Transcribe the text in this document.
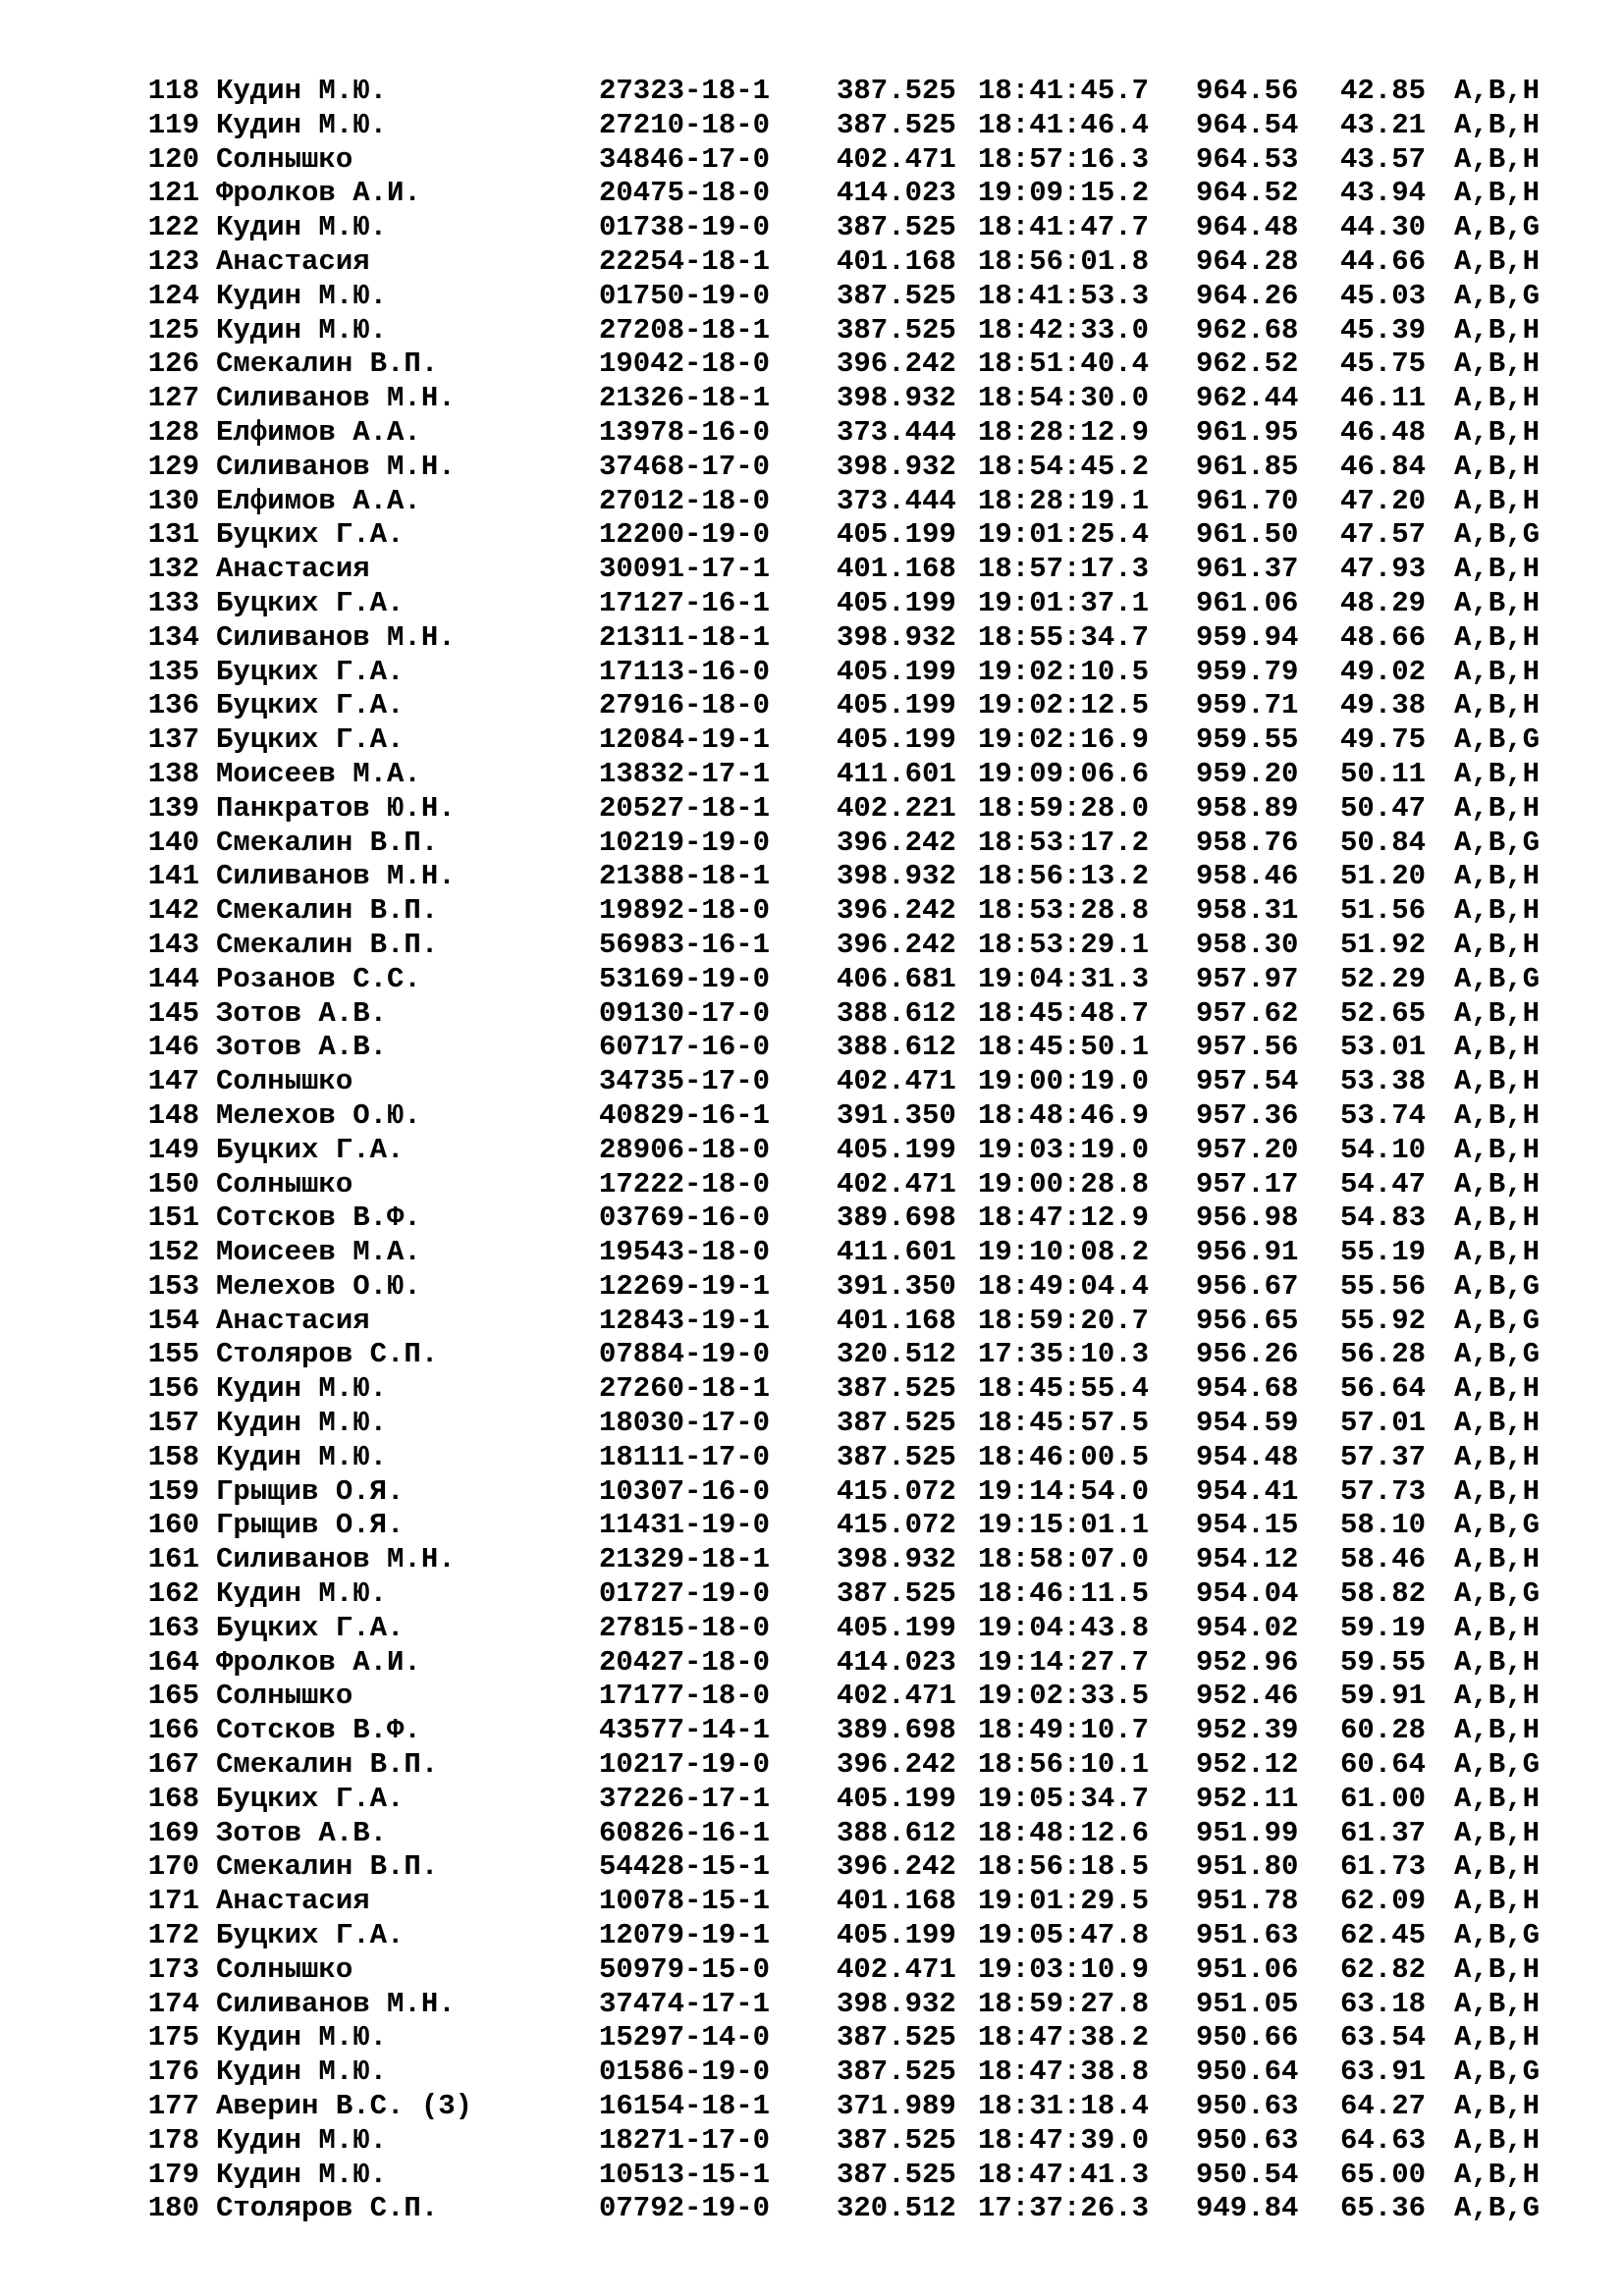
118 Кудин М.Ю.	27323-18-1 387.525 18:41:45.7 964.56 42.85 A,B,H
119 Кудин М.Ю.	27210-18-0 387.525 18:41:46.4 964.54 43.21 A,B,H
120 Солнышко	34846-17-0 402.471 18:57:16.3 964.53 43.57 A,B,H
121 Фролков А.И.	20475-18-0 414.023 19:09:15.2 964.52 43.94 A,B,H
122 Кудин М.Ю.	01738-19-0 387.525 18:41:47.7 964.48 44.30 A,B,G
123 Анастасия	22254-18-1 401.168 18:56:01.8 964.28 44.66 A,B,H
124 Кудин М.Ю.	01750-19-0 387.525 18:41:53.3 964.26 45.03 A,B,G
125 Кудин М.Ю.	27208-18-1 387.525 18:42:33.0 962.68 45.39 A,B,H
126 Смекалин В.П.	19042-18-0 396.242 18:51:40.4 962.52 45.75 A,B,H
127 Силиванов М.Н.	21326-18-1 398.932 18:54:30.0 962.44 46.11 A,B,H
128 Елфимов А.А.	13978-16-0 373.444 18:28:12.9 961.95 46.48 A,B,H
129 Силиванов М.Н.	37468-17-0 398.932 18:54:45.2 961.85 46.84 A,B,H
130 Елфимов А.А.	27012-18-0 373.444 18:28:19.1 961.70 47.20 A,B,H
131 Буцких Г.А.	12200-19-0 405.199 19:01:25.4 961.50 47.57 A,B,G
132 Анастасия	30091-17-1 401.168 18:57:17.3 961.37 47.93 A,B,H
133 Буцких Г.А.	17127-16-1 405.199 19:01:37.1 961.06 48.29 A,B,H
134 Силиванов М.Н.	21311-18-1 398.932 18:55:34.7 959.94 48.66 A,B,H
135 Буцких Г.А.	17113-16-0 405.199 19:02:10.5 959.79 49.02 A,B,H
136 Буцких Г.А.	27916-18-0 405.199 19:02:12.5 959.71 49.38 A,B,H
137 Буцких Г.А.	12084-19-1 405.199 19:02:16.9 959.55 49.75 A,B,G
138 Моисеев М.А.	13832-17-1 411.601 19:09:06.6 959.20 50.11 A,B,H
139 Панкратов Ю.Н.	20527-18-1 402.221 18:59:28.0 958.89 50.47 A,B,H
140 Смекалин В.П.	10219-19-0 396.242 18:53:17.2 958.76 50.84 A,B,G
141 Силиванов М.Н.	21388-18-1 398.932 18:56:13.2 958.46 51.20 A,B,H
142 Смекалин В.П.	19892-18-0 396.242 18:53:28.8 958.31 51.56 A,B,H
143 Смекалин В.П.	56983-16-1 396.242 18:53:29.1 958.30 51.92 A,B,H
144 Розанов С.С.	53169-19-0 406.681 19:04:31.3 957.97 52.29 A,B,G
145 Зотов А.В.	09130-17-0 388.612 18:45:48.7 957.62 52.65 A,B,H
146 Зотов А.В.	60717-16-0 388.612 18:45:50.1 957.56 53.01 A,B,H
147 Солнышко	34735-17-0 402.471 19:00:19.0 957.54 53.38 A,B,H
148 Мелехов О.Ю.	40829-16-1 391.350 18:48:46.9 957.36 53.74 A,B,H
149 Буцких Г.А.	28906-18-0 405.199 19:03:19.0 957.20 54.10 A,B,H
150 Солнышко	17222-18-0 402.471 19:00:28.8 957.17 54.47 A,B,H
151 Сотсков В.Ф.	03769-16-0 389.698 18:47:12.9 956.98 54.83 A,B,H
152 Моисеев М.А.	19543-18-0 411.601 19:10:08.2 956.91 55.19 A,B,H
153 Мелехов О.Ю.	12269-19-1 391.350 18:49:04.4 956.67 55.56 A,B,G
154 Анастасия	12843-19-1 401.168 18:59:20.7 956.65 55.92 A,B,G
155 Столяров С.П.	07884-19-0 320.512 17:35:10.3 956.26 56.28 A,B,G
156 Кудин М.Ю.	27260-18-1 387.525 18:45:55.4 954.68 56.64 A,B,H
157 Кудин М.Ю.	18030-17-0 387.525 18:45:57.5 954.59 57.01 A,B,H
158 Кудин М.Ю.	18111-17-0 387.525 18:46:00.5 954.48 57.37 A,B,H
159 Грыщив О.Я.	10307-16-0 415.072 19:14:54.0 954.41 57.73 A,B,H
160 Грыщив О.Я.	11431-19-0 415.072 19:15:01.1 954.15 58.10 A,B,G
161 Силиванов М.Н.	21329-18-1 398.932 18:58:07.0 954.12 58.46 A,B,H
162 Кудин М.Ю.	01727-19-0 387.525 18:46:11.5 954.04 58.82 A,B,G
163 Буцких Г.А.	27815-18-0 405.199 19:04:43.8 954.02 59.19 A,B,H
164 Фролков А.И.	20427-18-0 414.023 19:14:27.7 952.96 59.55 A,B,H
165 Солнышко	17177-18-0 402.471 19:02:33.5 952.46 59.91 A,B,H
166 Сотсков В.Ф.	43577-14-1 389.698 18:49:10.7 952.39 60.28 A,B,H
167 Смекалин В.П.	10217-19-0 396.242 18:56:10.1 952.12 60.64 A,B,G
168 Буцких Г.А.	37226-17-1 405.199 19:05:34.7 952.11 61.00 A,B,H
169 Зотов А.В.	60826-16-1 388.612 18:48:12.6 951.99 61.37 A,B,H
170 Смекалин В.П.	54428-15-1 396.242 18:56:18.5 951.80 61.73 A,B,H
171 Анастасия	10078-15-1 401.168 19:01:29.5 951.78 62.09 A,B,H
172 Буцких Г.А.	12079-19-1 405.199 19:05:47.8 951.63 62.45 A,B,G
173 Солнышко	50979-15-0 402.471 19:03:10.9 951.06 62.82 A,B,H
174 Силиванов М.Н.	37474-17-1 398.932 18:59:27.8 951.05 63.18 A,B,H
175 Кудин М.Ю.	15297-14-0 387.525 18:47:38.2 950.66 63.54 A,B,H
176 Кудин М.Ю.	01586-19-0 387.525 18:47:38.8 950.64 63.91 A,B,G
177 Аверин В.С. (3)	16154-18-1 371.989 18:31:18.4 950.63 64.27 A,B,H
178 Кудин М.Ю.	18271-17-0 387.525 18:47:39.0 950.63 64.63 A,B,H
179 Кудин М.Ю.	10513-15-1 387.525 18:47:41.3 950.54 65.00 A,B,H
180 Столяров С.П.	07792-19-0 320.512 17:37:26.3 949.84 65.36 A,B,G
